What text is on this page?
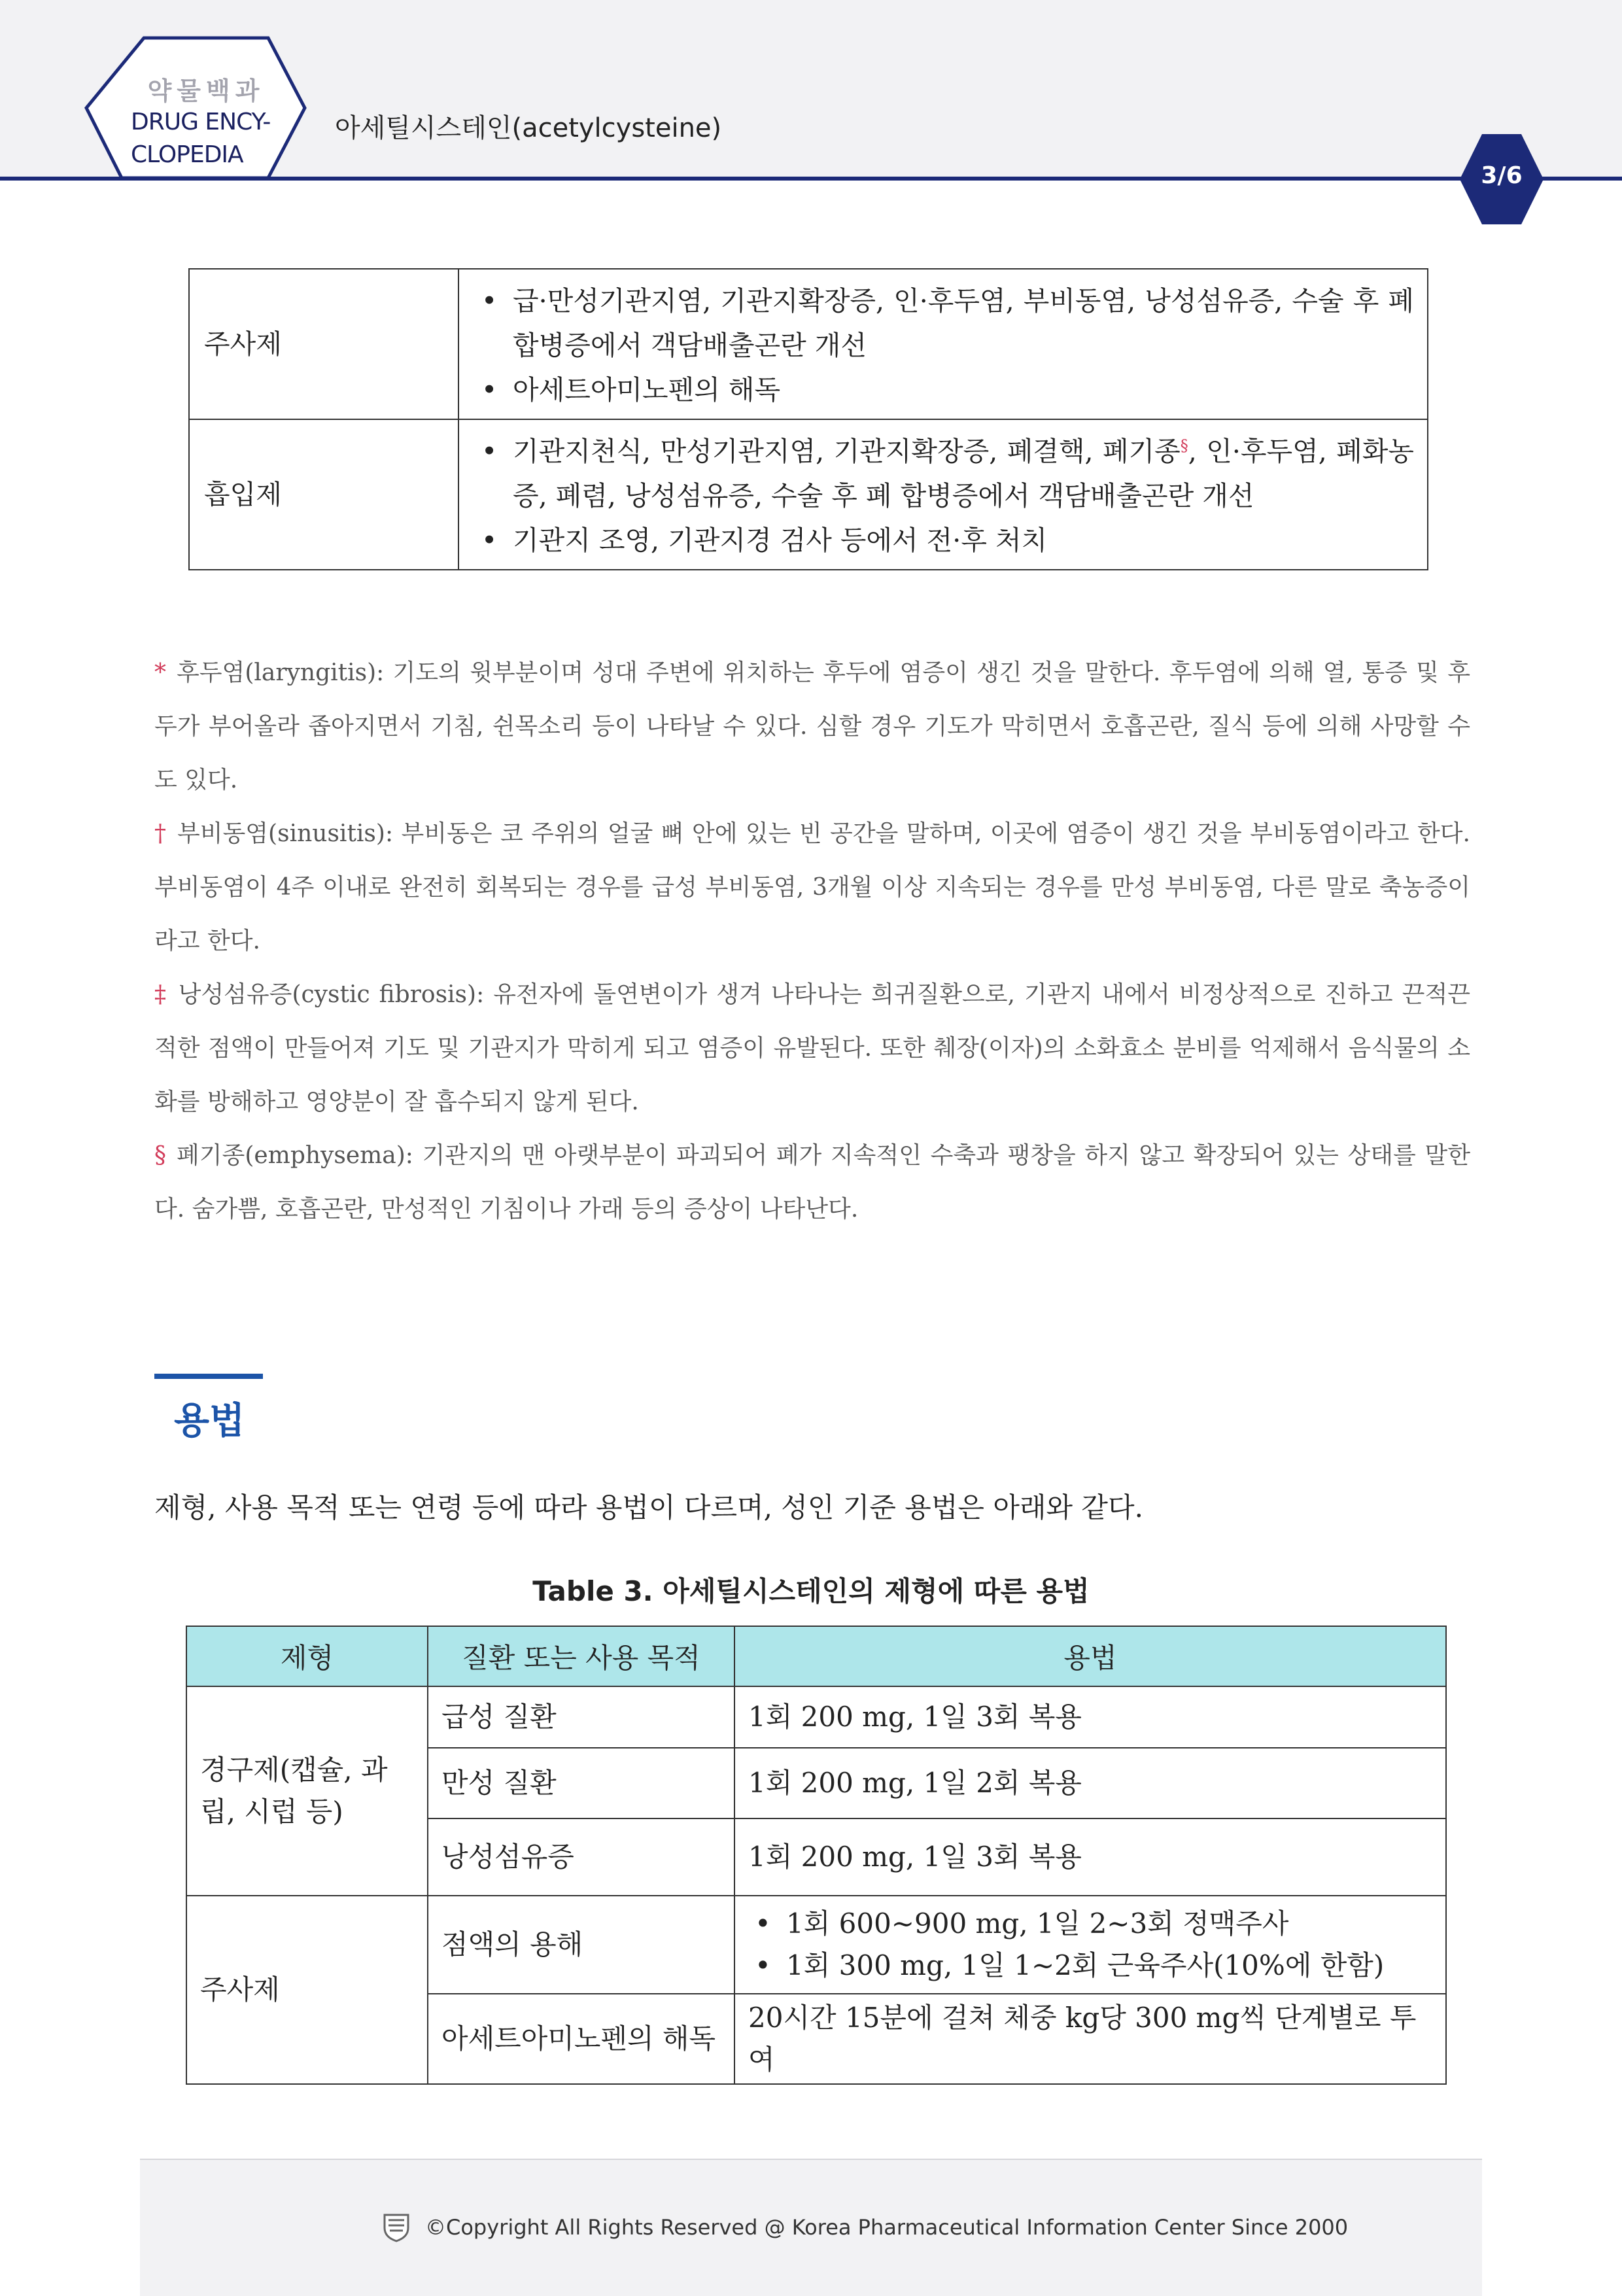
약물백과
DRUG ENCY-
CLOPEDIA
아세틸시스테인(acetylcysteine)
3/6
주사제	• 급·만성기관지염, 기관지확장증, 인·후두염, 부비동염, 낭성섬유증, 수술 후 폐 합병증에서 객담배출곤란 개선
• 아세트아미노펜의 해독

흡입제	• 기관지천식, 만성기관지염, 기관지확장증, 폐결핵, 폐기종§, 인·후두염, 폐화농증, 폐렴, 낭성섬유증, 수술 후 폐 합병증에서 객담배출곤란 개선
• 기관지 조영, 기관지경 검사 등에서 전·후 처치

* 후두염(laryngitis): 기도의 윗부분이며 성대 주변에 위치하는 후두에 염증이 생긴 것을 말한다. 후두염에 의해 열, 통증 및 후두가 부어올라 좁아지면서 기침, 쉰목소리 등이 나타날 수 있다. 심할 경우 기도가 막히면서 호흡곤란, 질식 등에 의해 사망할 수도 있다.

† 부비동염(sinusitis): 부비동은 코 주위의 얼굴 뼈 안에 있는 빈 공간을 말하며, 이곳에 염증이 생긴 것을 부비동염이라고 한다. 부비동염이 4주 이내로 완전히 회복되는 경우를 급성 부비동염, 3개월 이상 지속되는 경우를 만성 부비동염, 다른 말로 축농증이라고 한다.

‡ 낭성섬유증(cystic fibrosis): 유전자에 돌연변이가 생겨 나타나는 희귀질환으로, 기관지 내에서 비정상적으로 진하고 끈적끈적한 점액이 만들어져 기도 및 기관지가 막히게 되고 염증이 유발된다. 또한 췌장(이자)의 소화효소 분비를 억제해서 음식물의 소화를 방해하고 영양분이 잘 흡수되지 않게 된다.

§ 폐기종(emphysema): 기관지의 맨 아랫부분이 파괴되어 폐가 지속적인 수축과 팽창을 하지 않고 확장되어 있는 상태를 말한다. 숨가쁨, 호흡곤란, 만성적인 기침이나 가래 등의 증상이 나타난다.

용법
제형, 사용 목적 또는 연령 등에 따라 용법이 다르며, 성인 기준 용법은 아래와 같다.
Table 3. 아세틸시스테인의 제형에 따른 용법
제형	질환 또는 사용 목적	용법
경구제(캡슐, 과립, 시럽 등)	급성 질환	1회 200 mg, 1일 3회 복용
	만성 질환	1회 200 mg, 1일 2회 복용
	낭성섬유증	1회 200 mg, 1일 3회 복용
주사제	점액의 용해	• 1회 600~900 mg, 1일 2~3회 정맥주사
• 1회 300 mg, 1일 1~2회 근육주사(10%에 한함)

	아세트아미노펜의 해독	20시간 15분에 걸쳐 체중 kg당 300 mg씩 단계별로 투여
©Copyright All Rights Reserved @ Korea Pharmaceutical Information Center Since 2000
